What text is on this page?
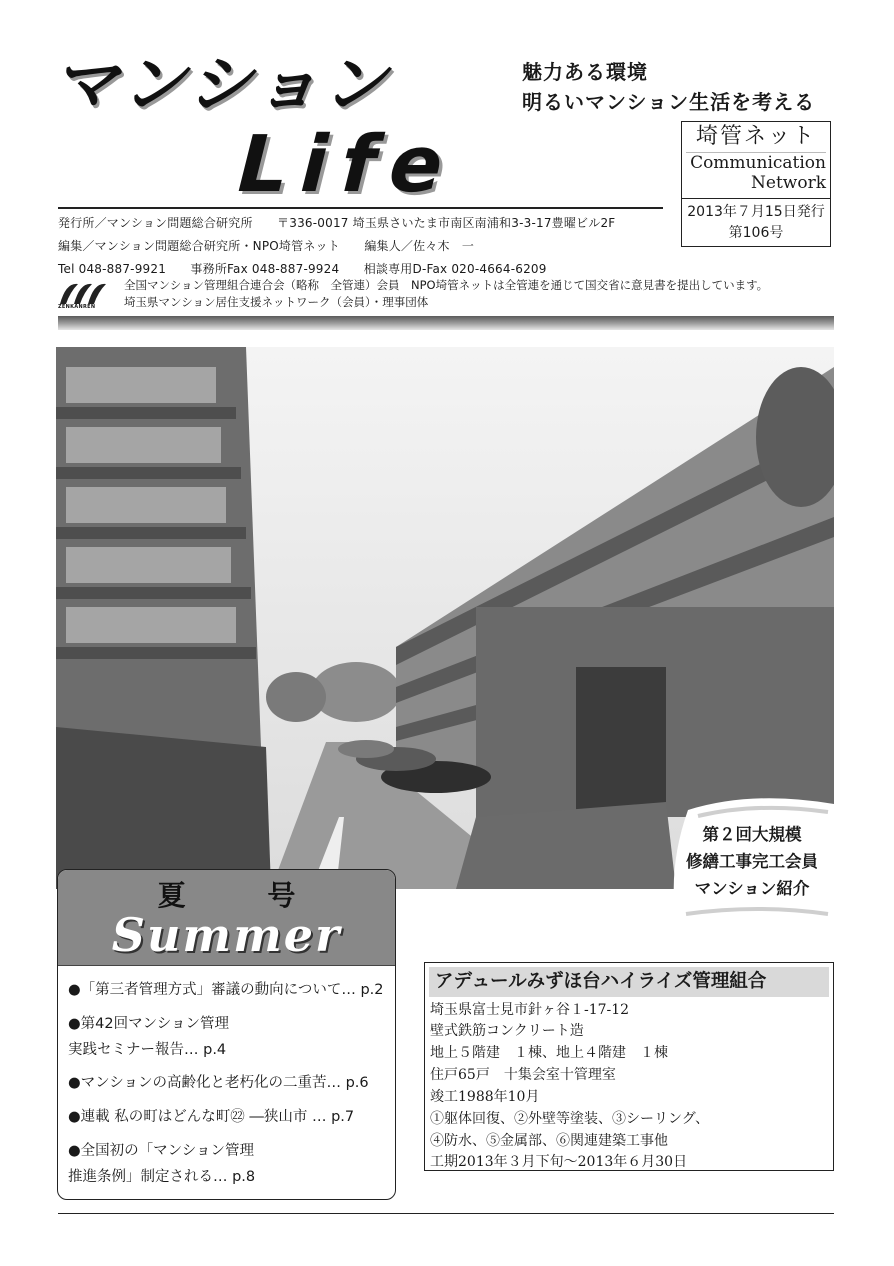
マンション
Life
魅力ある環境
明るいマンション生活を考える
埼管ネット
Communication
Network
2013年７月15日発行
第106号
発行所／マンション問題総合研究所　　〒336-0017 埼玉県さいたま市南区南浦和3-3-17豊曜ビル2F
編集／マンション問題総合研究所・NPO埼管ネット　　編集人／佐々木　一
Tel 048-887-9921　　事務所Fax 048-887-9924　　相談専用D-Fax 020-4664-6209
ZENKANREN
全国マンション管理組合連合会（略称　全管連）会員　NPO埼管ネットは全管連を通じて国交省に意見書を提出しています。
埼玉県マンション居住支援ネットワーク（会員）・理事団体
第２回大規模
修繕工事完工会員
マンション紹介
夏 号
Summer
●「第三者管理方式」審議の動向について… p.2
●第42回マンション管理
実践セミナー報告… p.4
●マンションの高齢化と老朽化の二重苦… p.6
●連載 私の町はどんな町㉒ ―狭山市 … p.7
●全国初の「マンション管理
推進条例」制定される… p.8
アデュールみずほ台ハイライズ管理組合
埼玉県富士見市針ヶ谷１-17-12
壁式鉄筋コンクリート造
地上５階建　１棟、地上４階建　１棟
住戸65戸　十集会室十管理室
竣工1988年10月
①躯体回復、②外壁等塗装、③シーリング、
④防水、⑤金属部、⑥関連建築工事他
工期2013年３月下旬～2013年６月30日
